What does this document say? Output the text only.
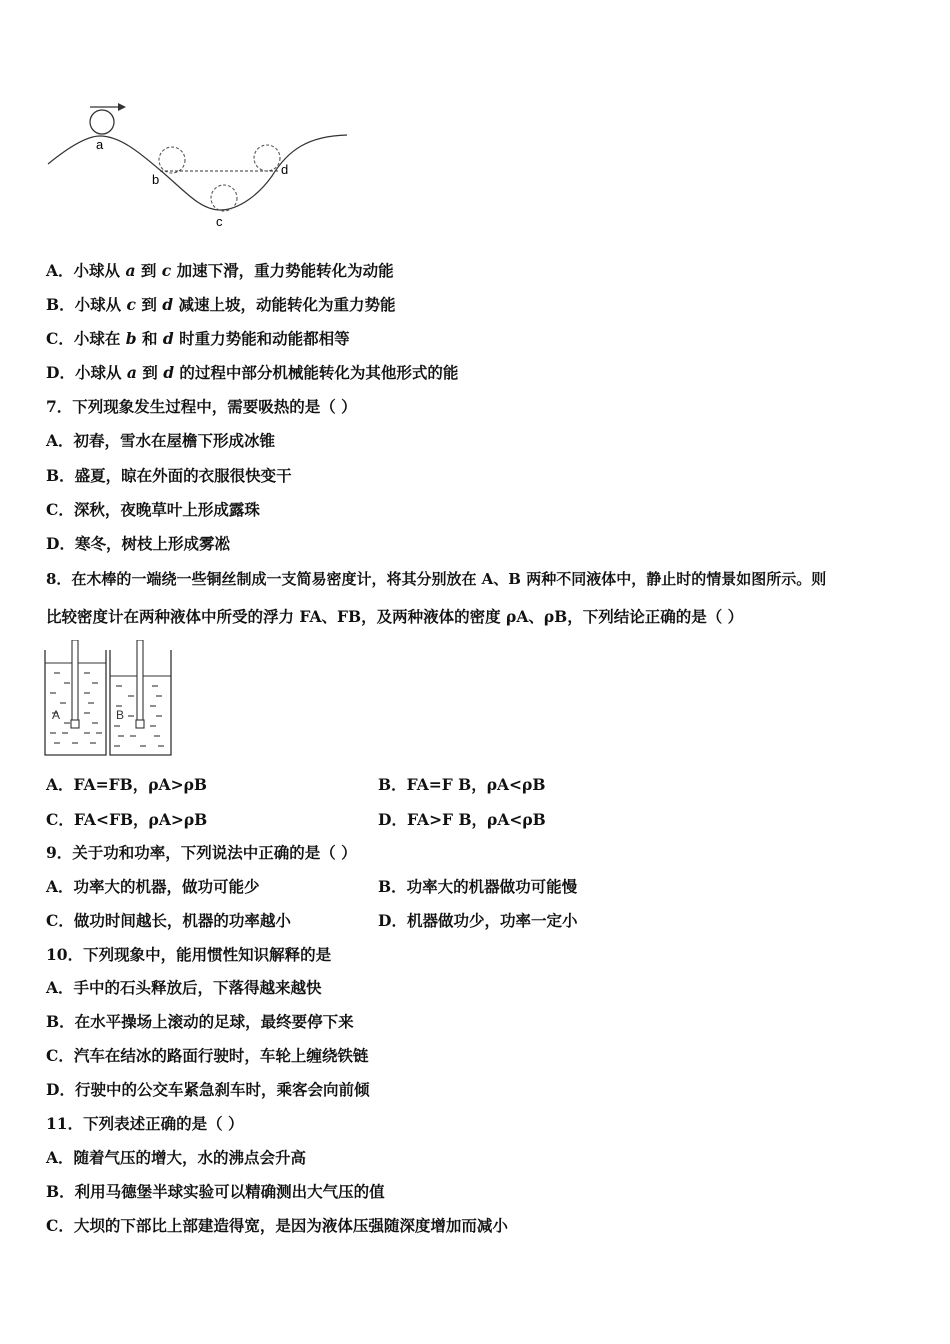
a
b
c
d
A．小球从 a 到 c 加速下滑，重力势能转化为动能
B．小球从 c 到 d 减速上坡，动能转化为重力势能
C．小球在 b 和 d 时重力势能和动能都相等
D．小球从 a 到 d 的过程中部分机械能转化为其他形式的能
7．下列现象发生过程中，需要吸热的是（ ）
A．初春，雪水在屋檐下形成冰锥
B．盛夏，晾在外面的衣服很快变干
C．深秋，夜晚草叶上形成露珠
D．寒冬，树枝上形成雾凇
8．在木棒的一端绕一些铜丝制成一支简易密度计，将其分别放在 A、B 两种不同液体中，静止时的情景如图所示。则
比较密度计在两种液体中所受的浮力 FA、FB，及两种液体的密度 ρA、ρB，下列结论正确的是（ ）
A	B
A．FA=FB，ρA>ρB	B．FA=F B，ρA<ρB
C．FA<FB，ρA>ρB	D．FA>F B，ρA<ρB
9．关于功和功率，下列说法中正确的是（ ）
A．功率大的机器，做功可能少	B．功率大的机器做功可能慢
C．做功时间越长，机器的功率越小	D．机器做功少，功率一定小
10．下列现象中，能用惯性知识解释的是
A．手中的石头释放后，下落得越来越快
B．在水平操场上滚动的足球，最终要停下来
C．汽车在结冰的路面行驶时，车轮上缠绕铁链
D．行驶中的公交车紧急刹车时，乘客会向前倾
11．下列表述正确的是（ ）
A．随着气压的增大，水的沸点会升高
B．利用马德堡半球实验可以精确测出大气压的值
C．大坝的下部比上部建造得宽，是因为液体压强随深度增加而减小
